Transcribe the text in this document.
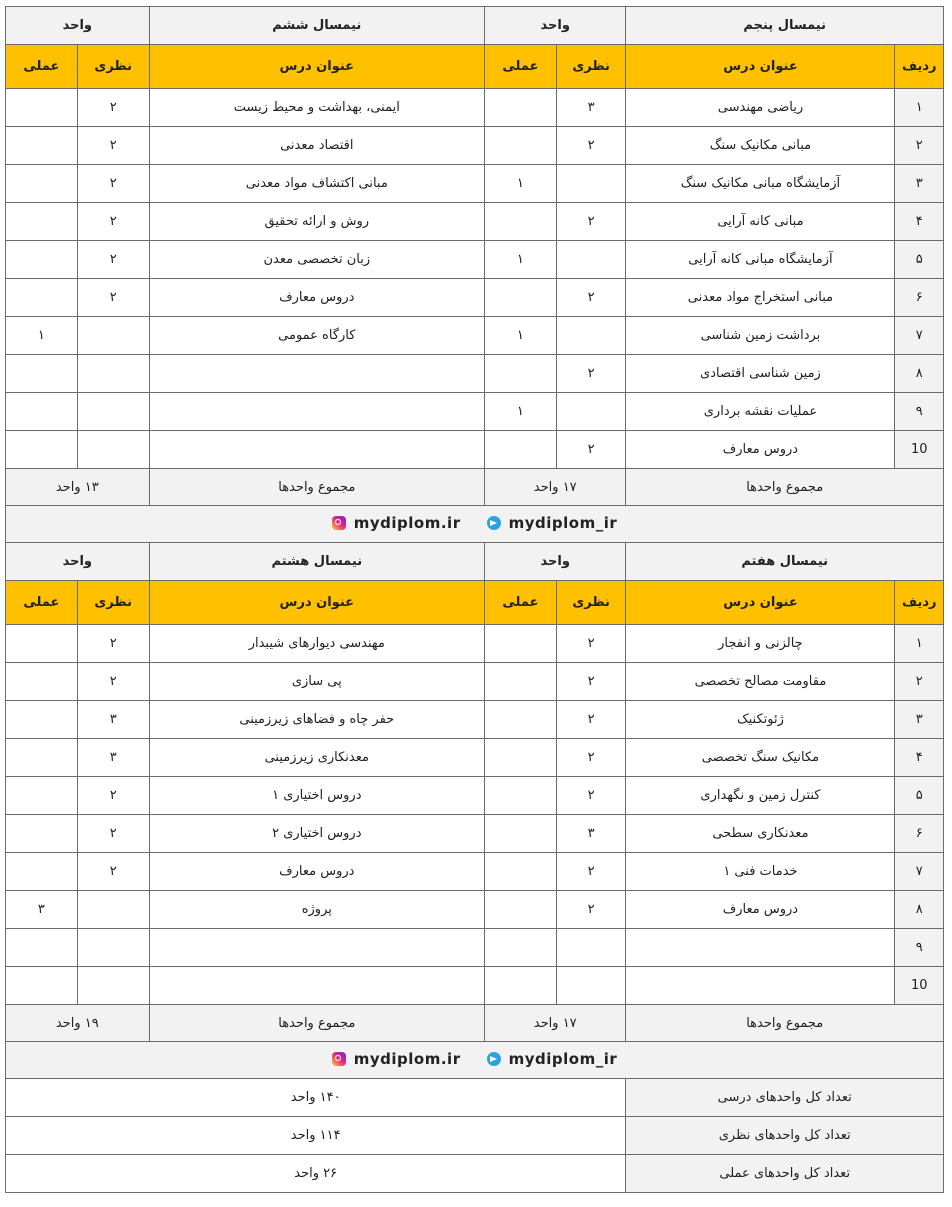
نیمسال پنجم		واحد		نیمسال ششم	واحد	
ردیف	عنوان درس	نظری	عملی	عنوان درس	نظری	عملی
۱	ریاضی مهندسی	۳		ایمنی، بهداشت و محیط زیست	۲	
۲	مبانی مکانیک سنگ	۲		اقتصاد معدنی	۲	
۳	آزمایشگاه مبانی مکانیک سنگ		۱	مبانی اکتشاف مواد معدنی	۲	
۴	مبانی کانه آرایی	۲		روش و ارائه تحقیق	۲	
۵	آزمایشگاه مبانی کانه آرایی		۱	زبان تخصصی معدن	۲	
۶	مبانی استخراج مواد معدنی	۲		دروس معارف	۲	
۷	برداشت زمین شناسی		۱	کارگاه عمومی		۱
۸	زمین شناسی اقتصادی	۲				
۹	عملیات نقشه برداری		۱			
10	دروس معارف	۲				
مجموع واحدها		۱۷ واحد		مجموع واحدها	۱۳ واحد	

mydiplom.ir mydiplom_ir						

نیمسال هفتم		واحد		نیمسال هشتم	واحد	
ردیف	عنوان درس	نظری	عملی	عنوان درس	نظری	عملی
۱	چالزنی و انفجار	۲		مهندسی دیوارهای شیبدار	۲	
۲	مقاومت مصالح تخصصی	۲		پی سازی	۲	
۳	ژئوتکنیک	۲		حفر چاه و فضاهای زیرزمینی	۳	
۴	مکانیک سنگ تخصصی	۲		معدنکاری زیرزمینی	۳	
۵	کنترل زمین و نگهداری	۲		دروس اختیاری ۱	۲	
۶	معدنکاری سطحی	۳		دروس اختیاری ۲	۲	
۷	خدمات فنی ۱	۲		دروس معارف	۲	
۸	دروس معارف	۲		پروژه		۳
۹						
10						
مجموع واحدها		۱۷ واحد		مجموع واحدها	۱۹ واحد	

mydiplom.ir mydiplom_ir						

تعداد کل واحدهای درسی		۱۴۰ واحد				
تعداد کل واحدهای نظری		۱۱۴ واحد				
تعداد کل واحدهای عملی		۲۶ واحد				
